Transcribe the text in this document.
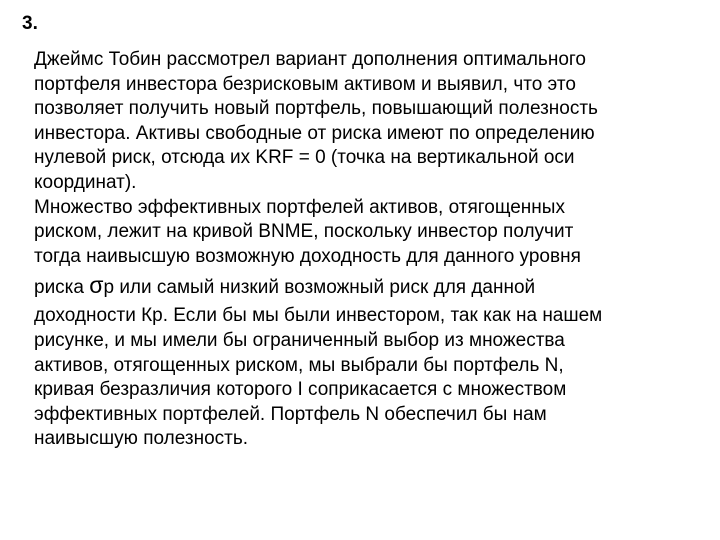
3.
Джеймс Тобин рассмотрел вариант дополнения оптимального
портфеля инвестора безрисковым активом и выявил, что это
позволяет получить новый портфель, повышающий полезность
инвестора. Активы свободные от риска имеют по определению
нулевой риск, отсюда их KRF = 0 (точка на вертикальной оси
координат).
Множество эффективных портфелей активов, отягощенных
риском, лежит на кривой BNME, поскольку инвестор получит
тогда наивысшую возможную доходность для данного уровня
риска σр или самый низкий возможный риск для данной
доходности Кр. Если бы мы были инвестором, так как на нашем
рисунке, и мы имели бы ограниченный выбор из множества
активов, отягощенных риском, мы выбрали бы портфель N,
кривая безразличия которого I соприкасается с множеством
эффективных портфелей. Портфель N обеспечил бы нам
наивысшую полезность.
